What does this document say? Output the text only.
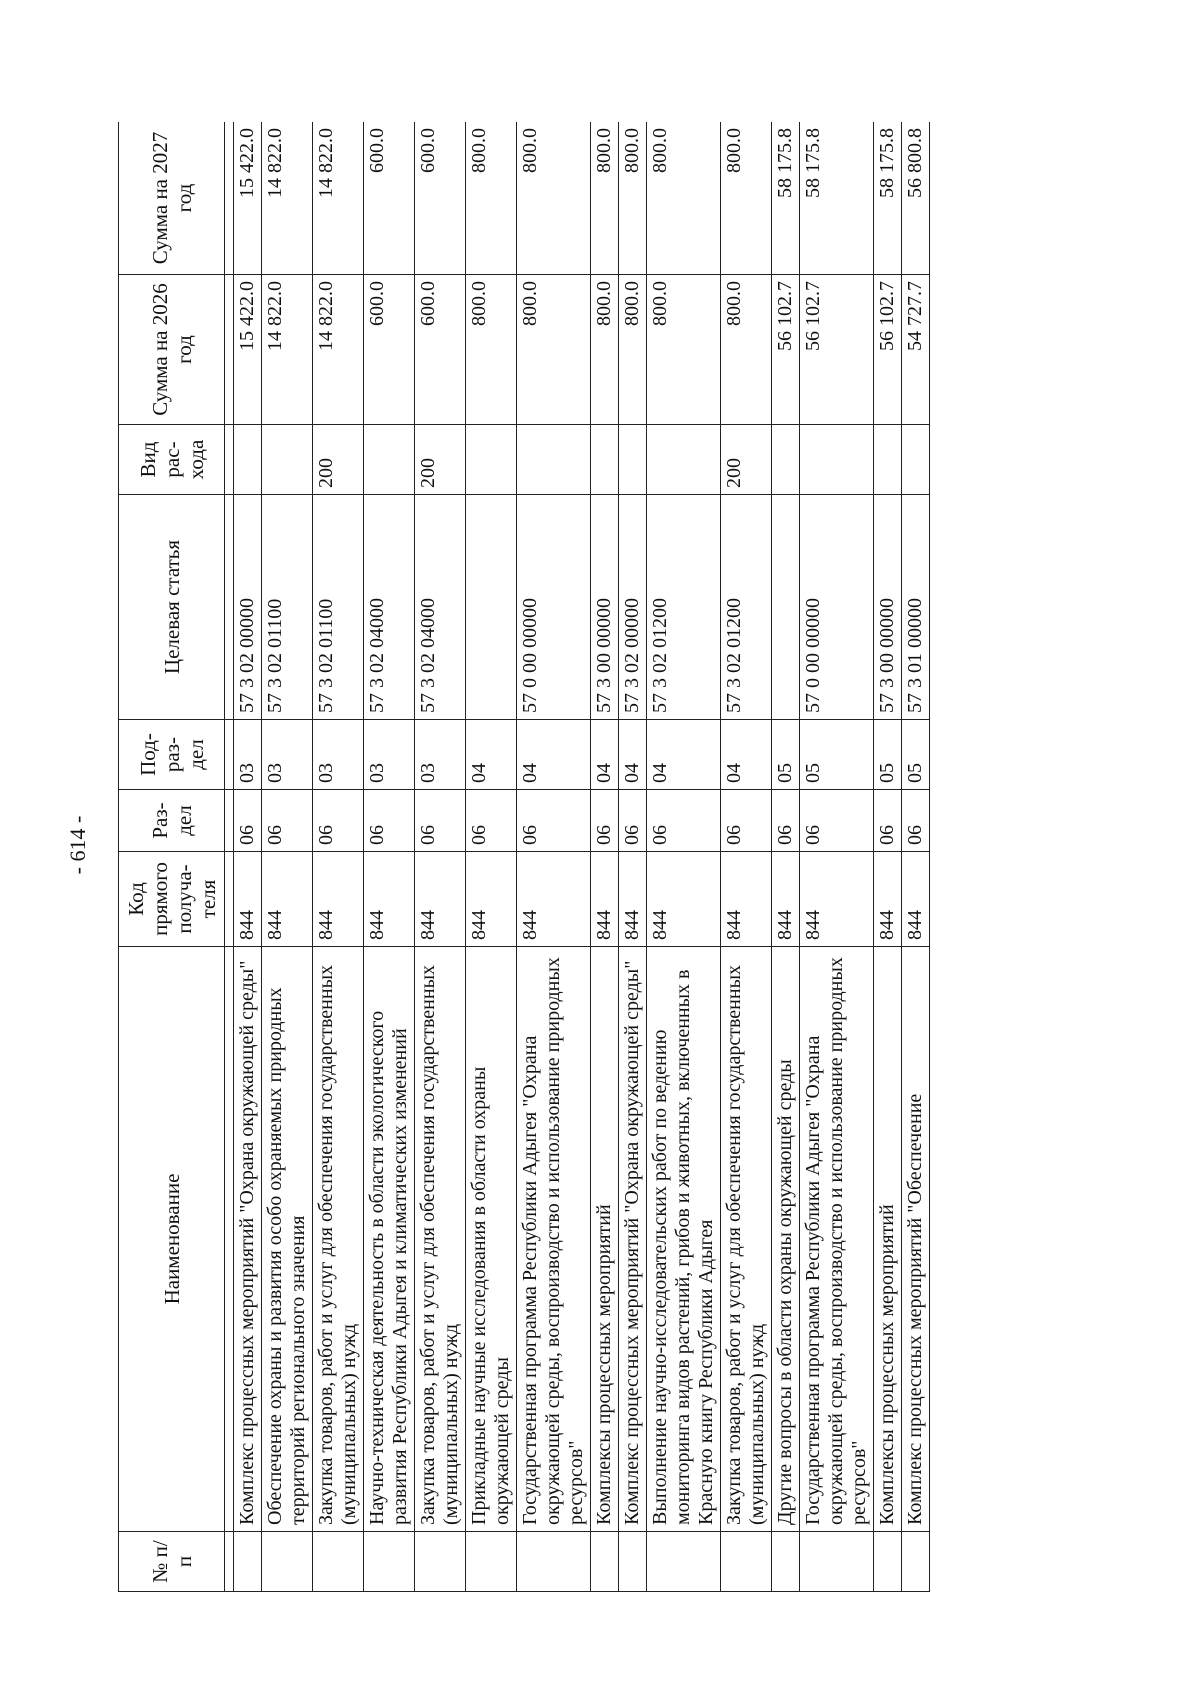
- 614 -
№ п/п	Наименование	Код прямого получа-теля	Раз-дел	Под-раз-дел	Целевая статья	Вид рас-хода	Сумма на 2026 год	Сумма на 2027 год

	Комплекс процессных мероприятий "Охрана окружающей среды"	844	06	03	57 3 02 00000		15 422.0	15 422.0
	Обеспечение охраны и развития особо охраняемых природных территорий регионального значения	844	06	03	57 3 02 01100		14 822.0	14 822.0
	Закупка товаров, работ и услуг для обеспечения государственных (муниципальных) нужд	844	06	03	57 3 02 01100	200	14 822.0	14 822.0
	Научно-техническая деятельность в области экологического развития Республики Адыгея и климатических изменений	844	06	03	57 3 02 04000		600.0	600.0
	Закупка товаров, работ и услуг для обеспечения государственных (муниципальных) нужд	844	06	03	57 3 02 04000	200	600.0	600.0
	Прикладные научные исследования в области охраны окружающей среды	844	06	04			800.0	800.0
	Государственная программа Республики Адыгея "Охрана окружающей среды, воспроизводство и использование природных ресурсов"	844	06	04	57 0 00 00000		800.0	800.0
	Комплексы процессных мероприятий	844	06	04	57 3 00 00000		800.0	800.0
	Комплекс процессных мероприятий "Охрана окружающей среды"	844	06	04	57 3 02 00000		800.0	800.0
	Выполнение научно-исследовательских работ по ведению мониторинга видов растений, грибов и животных, включенных в Красную книгу Республики Адыгея	844	06	04	57 3 02 01200		800.0	800.0
	Закупка товаров, работ и услуг для обеспечения государственных (муниципальных) нужд	844	06	04	57 3 02 01200	200	800.0	800.0
	Другие вопросы в области охраны окружающей среды	844	06	05			56 102.7	58 175.8
	Государственная программа Республики Адыгея "Охрана окружающей среды, воспроизводство и использование природных ресурсов"	844	06	05	57 0 00 00000		56 102.7	58 175.8
	Комплексы процессных мероприятий	844	06	05	57 3 00 00000		56 102.7	58 175.8
	Комплекс процессных мероприятий "Обеспечение	844	06	05	57 3 01 00000		54 727.7	56 800.8
